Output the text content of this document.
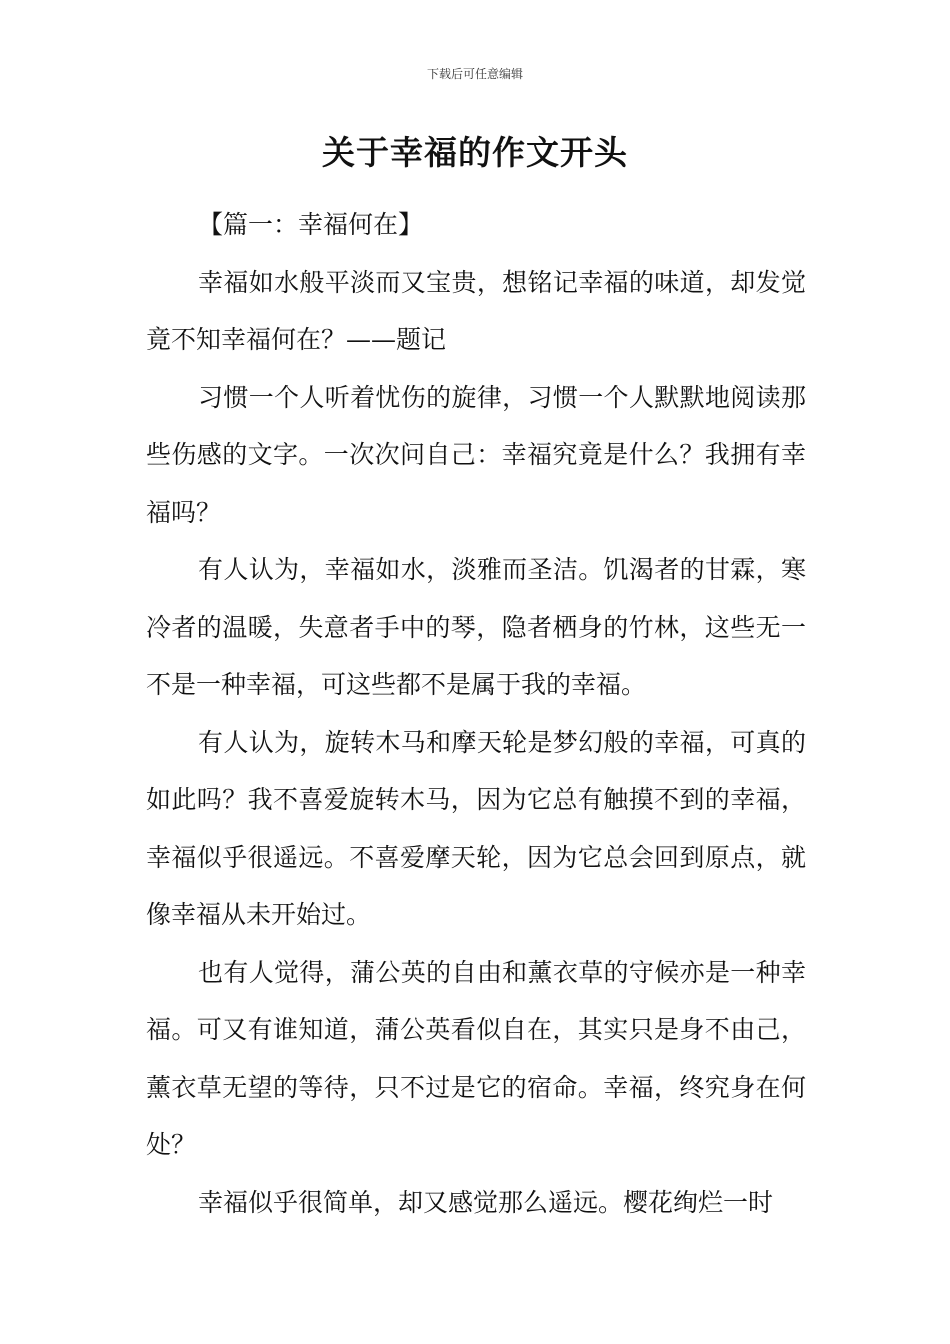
下载后可任意编辑
关于幸福的作文开头

【篇一：幸福何在】

幸福如水般平淡而又宝贵，想铭记幸福的味道，却发觉竟不知幸福何在？——题记

习惯一个人听着忧伤的旋律，习惯一个人默默地阅读那些伤感的文字。一次次问自己：幸福究竟是什么？我拥有幸福吗？

有人认为，幸福如水，淡雅而圣洁。饥渴者的甘霖，寒冷者的温暖，失意者手中的琴，隐者栖身的竹林，这些无一不是一种幸福，可这些都不是属于我的幸福。

有人认为，旋转木马和摩天轮是梦幻般的幸福，可真的如此吗？我不喜爱旋转木马，因为它总有触摸不到的幸福，幸福似乎很遥远。不喜爱摩天轮，因为它总会回到原点，就像幸福从未开始过。

也有人觉得，蒲公英的自由和薰衣草的守候亦是一种幸福。可又有谁知道，蒲公英看似自在，其实只是身不由己，薰衣草无望的等待，只不过是它的宿命。幸福，终究身在何处？

幸福似乎很简单，却又感觉那么遥远。樱花绚烂一时
